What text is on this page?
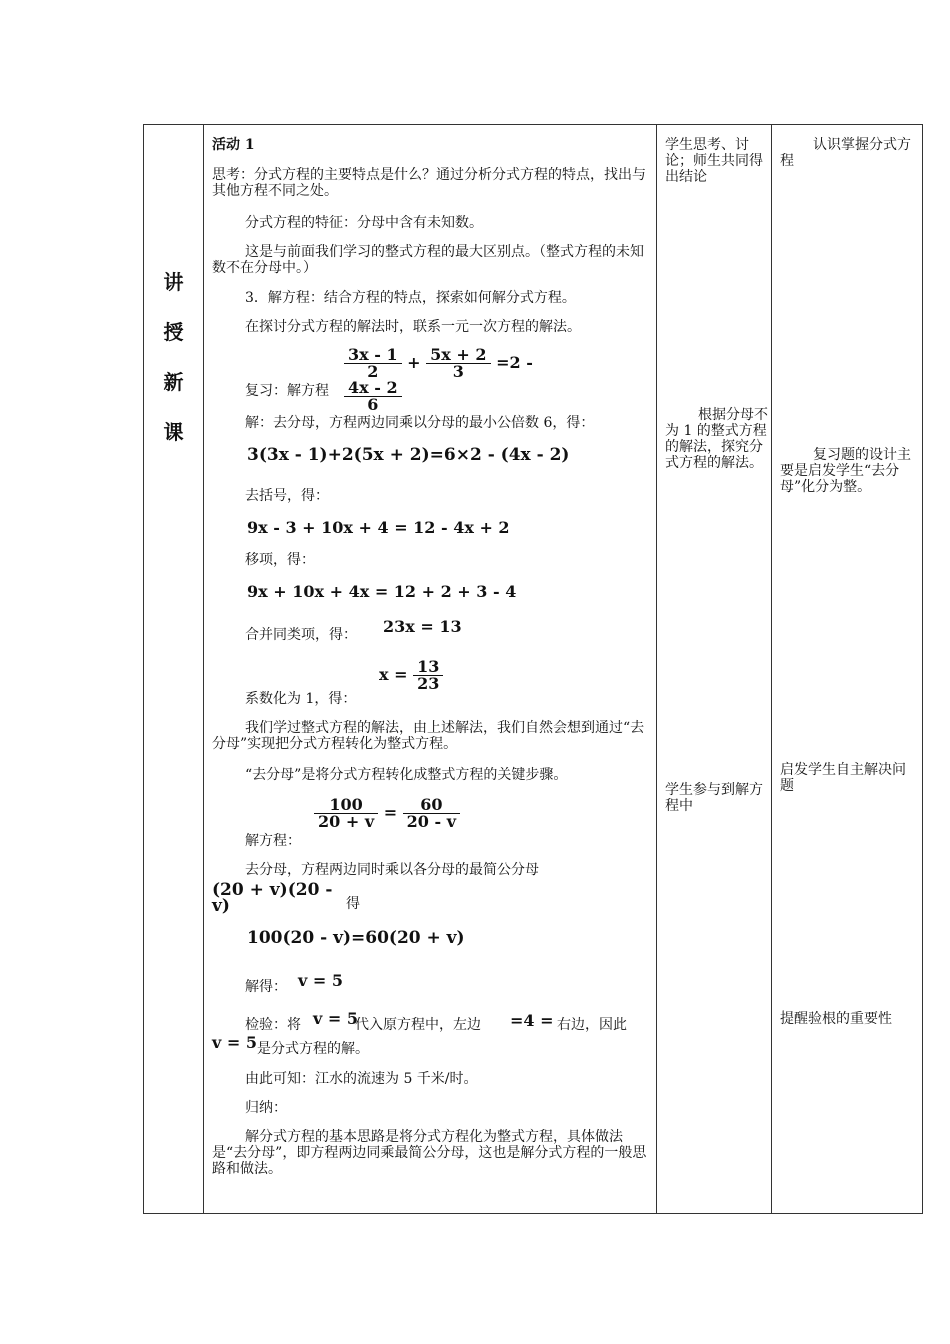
讲
授
新
课
活动 1
思考：分式方程的主要特点是什么？通过分析分式方程的特点，找出与其他方程不同之处。
分式方程的特征：分母中含有未知数。
这是与前面我们学习的整式方程的最大区别点。（整式方程的未知数不在分母中。）
3．解方程：结合方程的特点，探索如何解分式方程。
在探讨分式方程的解法时，联系一元一次方程的解法。
复习：解方程
$\frac{3x - 1}{2} + \frac{5x + 2}{3} =2$ -
$\frac{4x - 2}{6}$
解：去分母，方程两边同乘以分母的最小公倍数 6，得：
3(3x - 1)+2(5x + 2)=6×2 - (4x - 2)
去括号，得：
9x - 3 + 10x + 4 = 12 - 4x + 2
移项，得：
9x + 10x + 4x = 12 + 2 + 3 - 4
合并同类项，得：	23x = 13
系数化为 1，得：
$x = \frac{13}{23}$
我们学过整式方程的解法，由上述解法，我们自然会想到通过“去分母”实现把分式方程转化为整式方程。
“去分母”是将分式方程转化成整式方程的关键步骤。
解方程：
$\frac{100}{20 + v} = \frac{60}{20 - v}$
去分母，方程两边同时乘以各分母的最简公分母
(20 + v)(20 - v)	得
100(20 - v)=60(20 + v)
解得： v = 5
检验：将 v = 5
代入原方程中，左边 =4 = 右边，因此
v = 5 是分式方程的解。
由此可知：江水的流速为 5 千米/时。
归纳：
解分式方程的基本思路是将分式方程化为整式方程，具体做法是“去分母”，即方程两边同乘最简公分母，这也是解分式方程的一般思路和做法。
学生思考、讨论；师生共同得出结论
根据分母不为 1 的整式方程的解法，探究分式方程的解法。
学生参与到解方程中
认识掌握分式方程
复习题的设计主要是启发学生“去分母”化分为整。
启发学生自主解决问题
提醒验根的重要性
